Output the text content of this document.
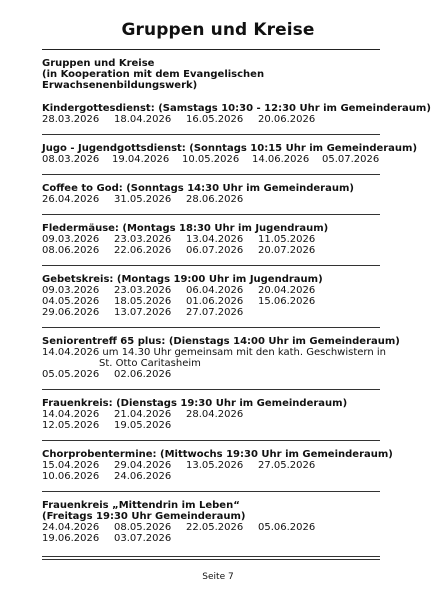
Gruppen und Kreise
Gruppen und Kreise
(in Kooperation mit dem Evangelischen Erwachsenenbildungswerk)
Kindergottesdienst: (Samstags 10:30 - 12:30 Uhr im Gemeinderaum)
28.03.2026	18.04.2026	16.05.2026	20.06.2026
Jugo - Jugendgottsdienst: (Sonntags 10:15 Uhr im Gemeinderaum)
08.03.2026	19.04.2026	10.05.2026	14.06.2026	05.07.2026
Coffee to God: (Sonntags 14:30 Uhr im Gemeinderaum)
26.04.2026	31.05.2026	28.06.2026
Fledermäuse: (Montags 18:30 Uhr im Jugendraum)
09.03.2026	23.03.2026	13.04.2026	11.05.2026
08.06.2026	22.06.2026	06.07.2026	20.07.2026
Gebetskreis: (Montags 19:00 Uhr im Jugendraum)
09.03.2026	23.03.2026	06.04.2026	20.04.2026
04.05.2026	18.05.2026	01.06.2026	15.06.2026
29.06.2026	13.07.2026	27.07.2026
Seniorentreff 65 plus: (Dienstags 14:00 Uhr im Gemeinderaum)
14.04.2026 um 14.30 Uhr gemeinsam mit den kath. Geschwistern in
St. Otto Caritasheim
05.05.2026	02.06.2026
Frauenkreis: (Dienstags 19:30 Uhr im Gemeinderaum)
14.04.2026	21.04.2026	28.04.2026
12.05.2026	19.05.2026
Chorprobentermine: (Mittwochs 19:30 Uhr im Gemeinderaum)
15.04.2026	29.04.2026	13.05.2026	27.05.2026
10.06.2026	24.06.2026
Frauenkreis „Mittendrin im Leben“
(Freitags 19:30 Uhr Gemeinderaum)
24.04.2026	08.05.2026	22.05.2026	05.06.2026
19.06.2026	03.07.2026
Seite 7
